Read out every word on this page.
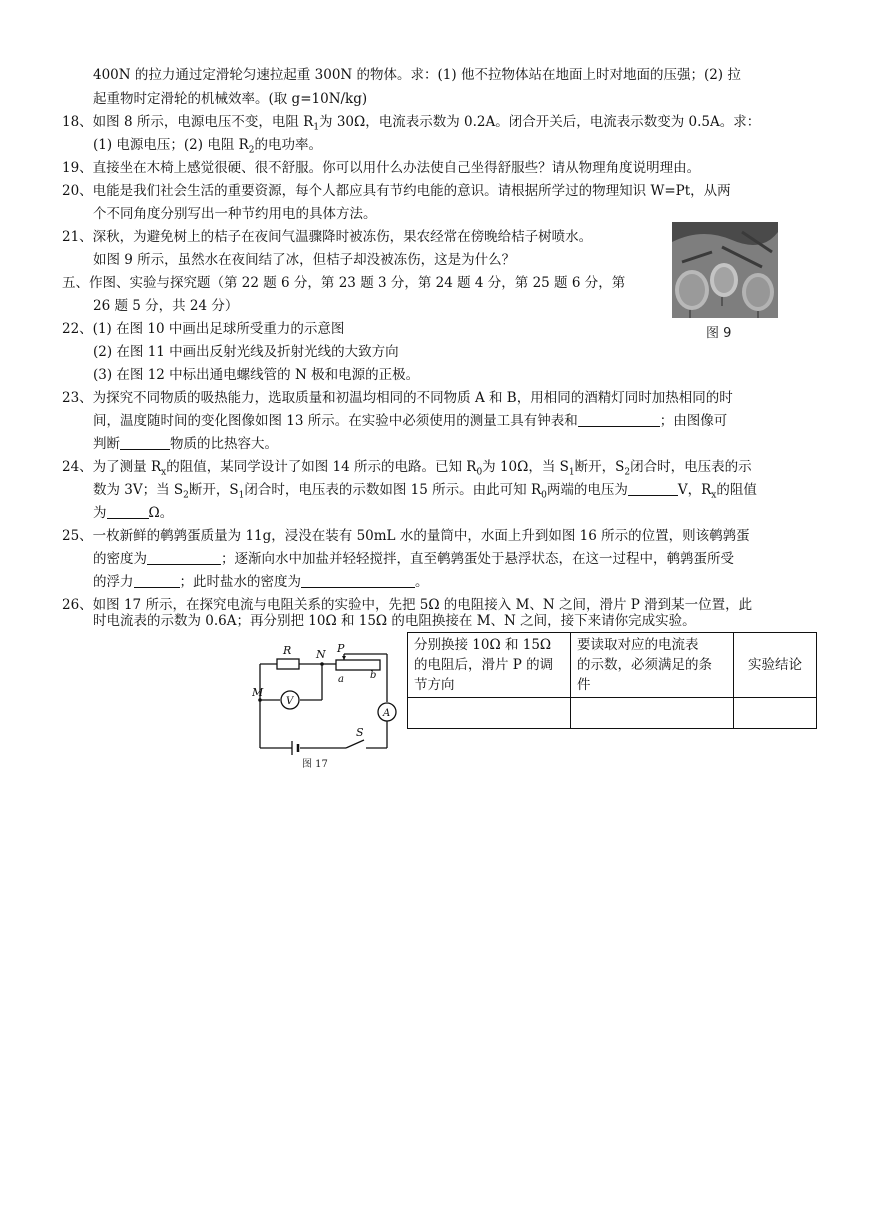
400N 的拉力通过定滑轮匀速拉起重 300N 的物体。求：(1) 他不拉物体站在地面上时对地面的压强；(2) 拉
起重物时定滑轮的机械效率。(取 g=10N/kg)
18、如图 8 所示，电源电压不变，电阻 $R_1$为 30Ω，电流表示数为 0.2A。闭合开关后，电流表示数变为 0.5A。求：
(1) 电源电压；(2) 电阻 $R_2$的电功率。
19、直接坐在木椅上感觉很硬、很不舒服。你可以用什么办法使自己坐得舒服些？请从物理角度说明理由。
20、电能是我们社会生活的重要资源，每个人都应具有节约电能的意识。请根据所学过的物理知识 W=Pt，从两
个不同角度分别写出一种节约用电的具体方法。
21、深秋，为避免树上的桔子在夜间气温骤降时被冻伤，果农经常在傍晚给桔子树喷水。
如图 9 所示，虽然水在夜间结了冰，但桔子却没被冻伤，这是为什么？
图 9
五、作图、实验与探究题（第 22 题 6 分，第 23 题 3 分，第 24 题 4 分，第 25 题 6 分，第
26 题 5 分，共 24 分）
22、(1) 在图 10 中画出足球所受重力的示意图
(2) 在图 11 中画出反射光线及折射光线的大致方向
(3) 在图 12 中标出通电螺线管的 N 极和电源的正极。
23、为探究不同物质的吸热能力，选取质量和初温均相同的不同物质 A 和 B，用相同的酒精灯同时加热相同的时
间，温度随时间的变化图像如图 13 所示。在实验中必须使用的测量工具有钟表和	；由图像可
判断	物质的比热容大。
24、为了测量 $R_x$的阻值，某同学设计了如图 14 所示的电路。已知 $R_0$为 10Ω，当 $S_1$断开，$S_2$闭合时，电压表的示
数为 3V；当 $S_2$断开，$S_1$闭合时，电压表的示数如图 15 所示。由此可知 $R_0$两端的电压为	V，$R_x$的阻值
为	Ω。
25、一枚新鲜的鹌鹑蛋质量为 11g，浸没在装有 50mL 水的量筒中，水面上升到如图 16 所示的位置，则该鹌鹑蛋
的密度为	；逐渐向水中加盐并轻轻搅拌，直至鹌鹑蛋处于悬浮状态，在这一过程中，鹌鹑蛋所受
的浮力	；此时盐水的密度为	。
26、如图 17 所示，在探究电流与电阻关系的实验中，先把 5Ω 的电阻接入 M、N 之间，滑片 P 滑到某一位置，此
时电流表的示数为 0.6A；再分别把 10Ω 和 15Ω 的电阻换接在 M、N 之间，接下来请你完成实验。
R N P
M
a	b
V
A
S
图 17
分别换接 10Ω 和 15Ω
的电阻后，滑片 P 的调
节方向	要读取对应的电流表
的示数，必须满足的条
件	实验结论
